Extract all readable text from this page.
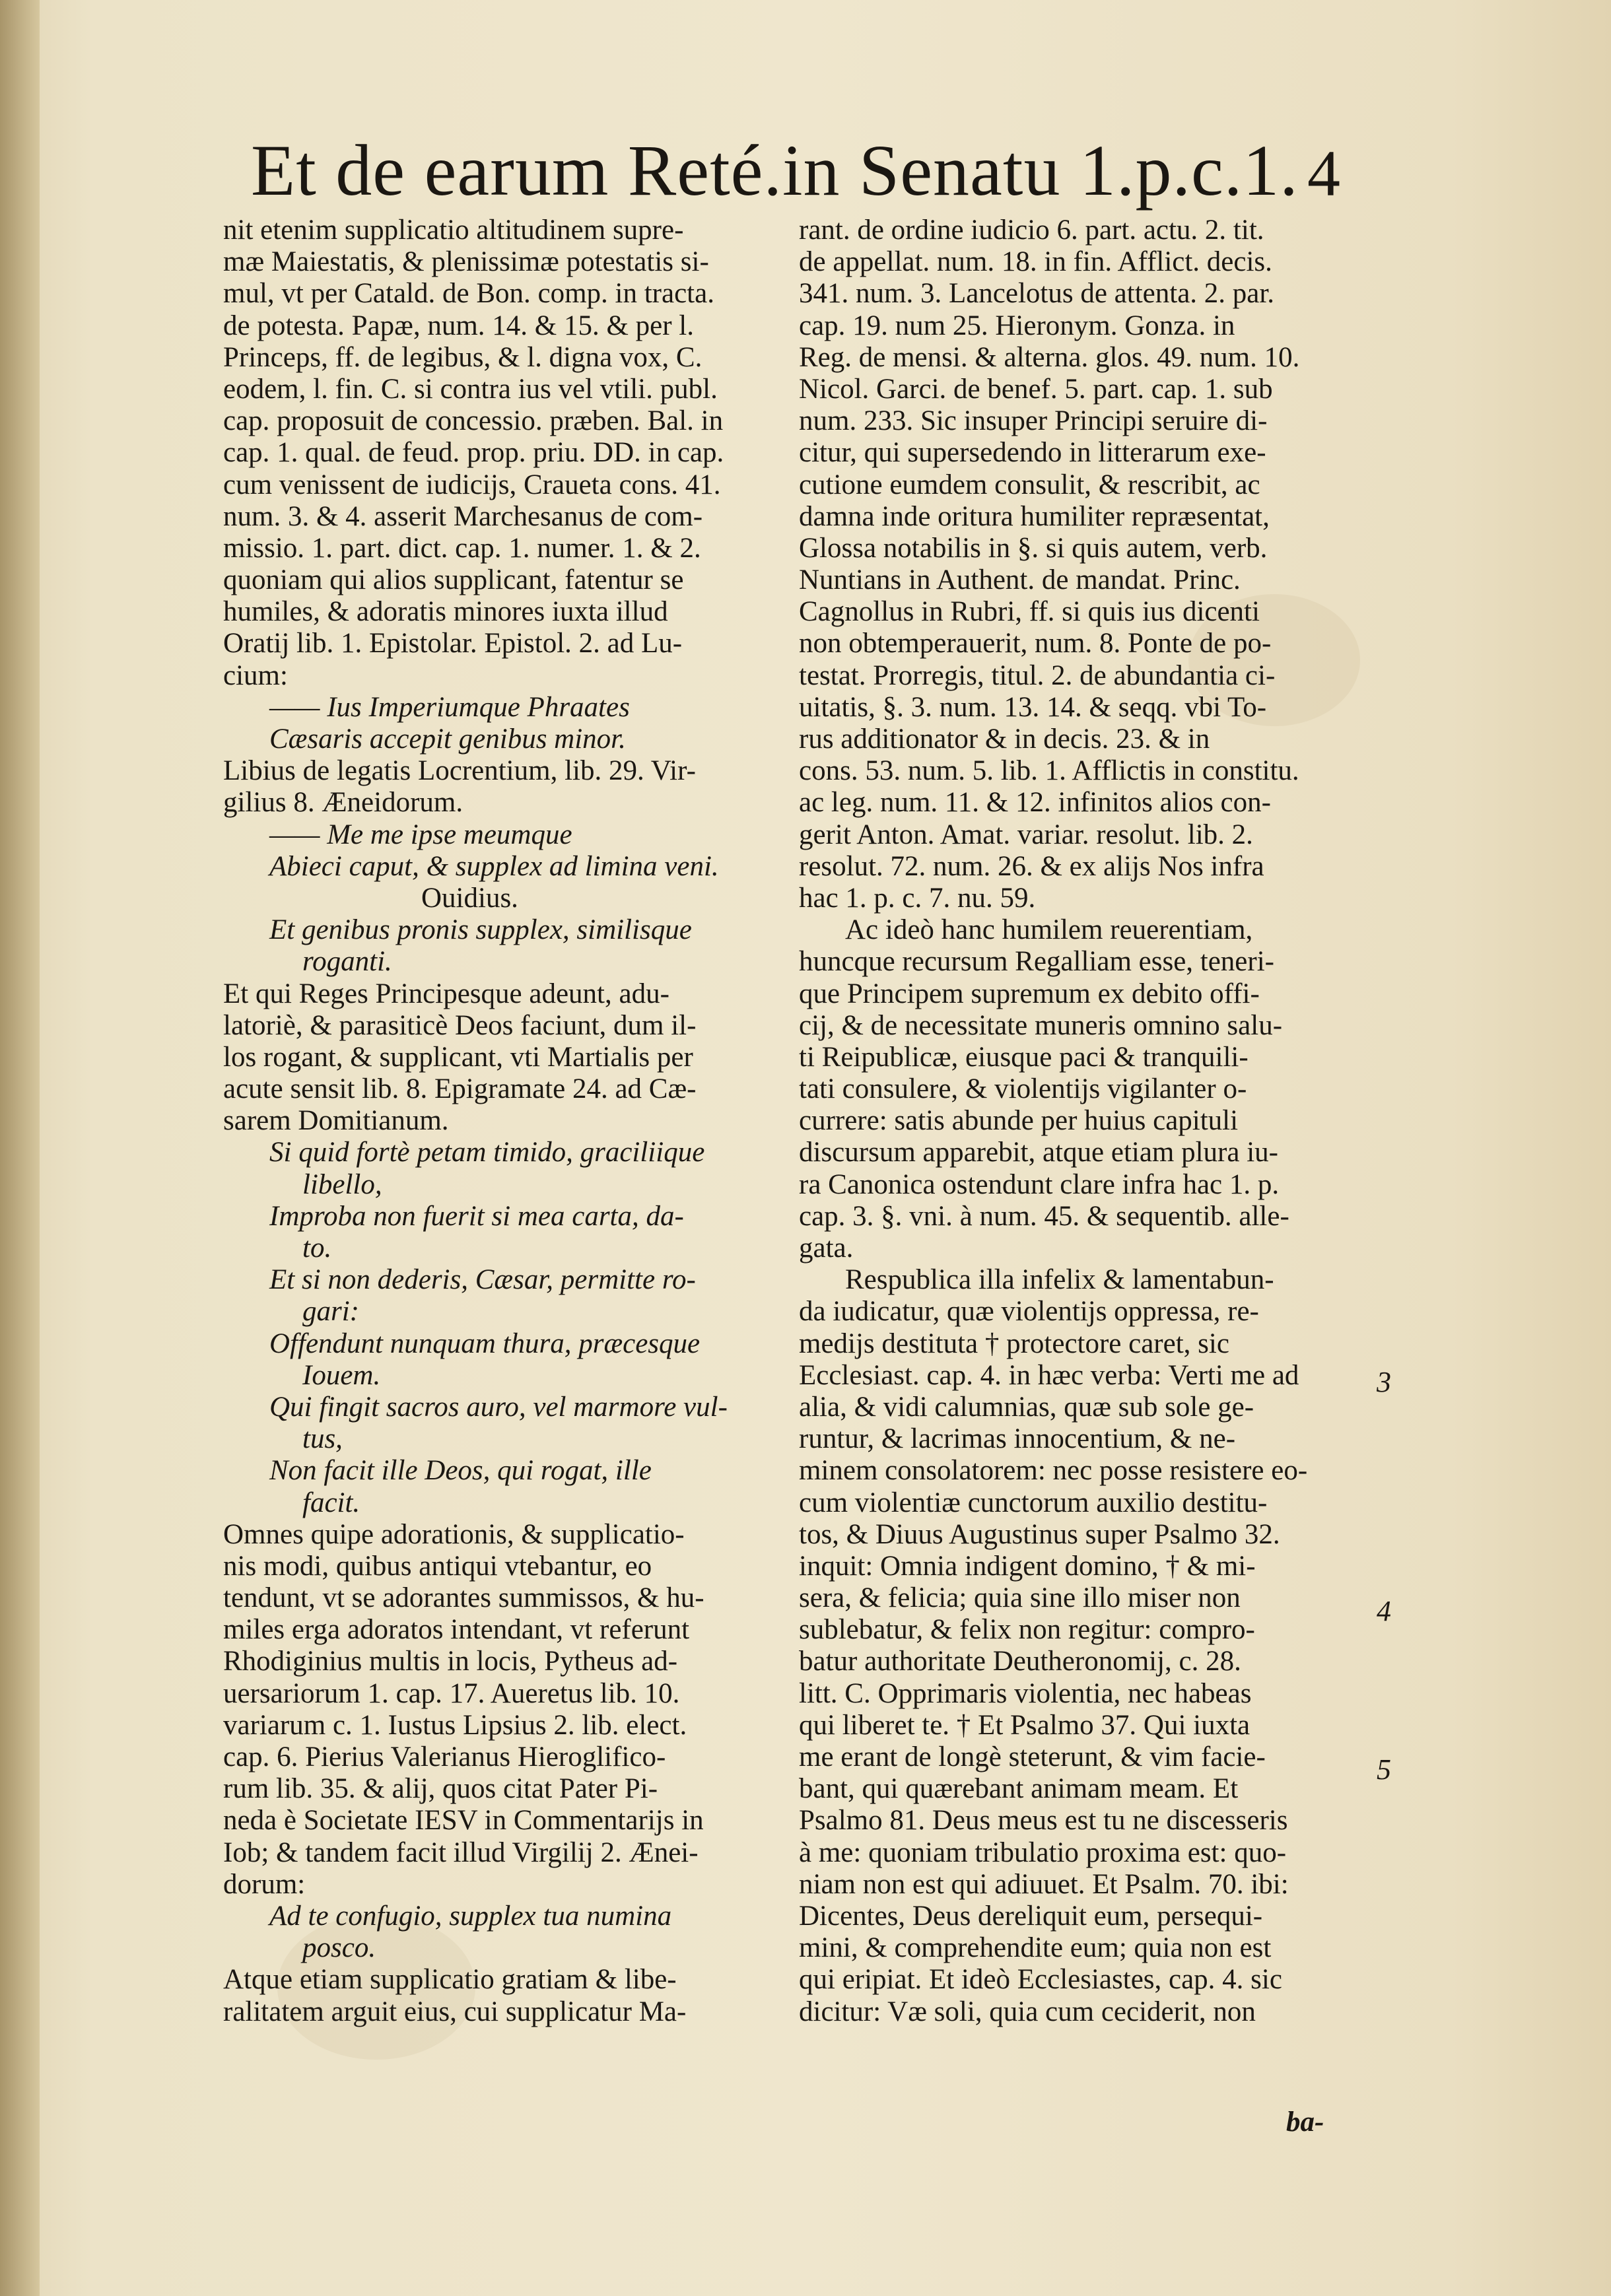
Et de earum Reté.in Senatu 1.p.c.1. 4
nit etenim supplicatio altitudinem supre-
mæ Maiestatis, & plenissimæ potestatis si-
mul, vt per Catald. de Bon. comp. in tracta.
de potesta. Papæ, num. 14. & 15. & per l.
Princeps, ff. de legibus, & l. digna vox, C.
eodem, l. fin. C. si contra ius vel vtili. publ.
cap. proposuit de concessio. præben. Bal. in
cap. 1. qual. de feud. prop. priu. DD. in cap.
cum venissent de iudicijs, Craueta cons. 41.
num. 3. & 4. asserit Marchesanus de com-
missio. 1. part. dict. cap. 1. numer. 1. & 2.
quoniam qui alios supplicant, fatentur se
humiles, & adoratis minores iuxta illud
Oratij lib. 1. Epistolar. Epistol. 2. ad Lu-
cium:
—— Ius Imperiumque Phraates
Cæsaris accepit genibus minor.
Libius de legatis Locrentium, lib. 29. Vir-
gilius 8. Æneidorum.
—— Me me ipse meumque
Abieci caput, & supplex ad limina veni.
Ouidius.
Et genibus pronis supplex, similisque
roganti.
Et qui Reges Principesque adeunt, adu-
latoriè, & parasiticè Deos faciunt, dum il-
los rogant, & supplicant, vti Martialis per
acute sensit lib. 8. Epigramate 24. ad Cæ-
sarem Domitianum.
Si quid fortè petam timido, graciliique
libello,
Improba non fuerit si mea carta, da-
to.
Et si non dederis, Cæsar, permitte ro-
gari:
Offendunt nunquam thura, præcesque
Iouem.
Qui fingit sacros auro, vel marmore vul-
tus,
Non facit ille Deos, qui rogat, ille
facit.
Omnes quipe adorationis, & supplicatio-
nis modi, quibus antiqui vtebantur, eo
tendunt, vt se adorantes summissos, & hu-
miles erga adoratos intendant, vt referunt
Rhodiginius multis in locis, Pytheus ad-
uersariorum 1. cap. 17. Aueretus lib. 10.
variarum c. 1. Iustus Lipsius 2. lib. elect.
cap. 6. Pierius Valerianus Hieroglifico-
rum lib. 35. & alij, quos citat Pater Pi-
neda è Societate IESV in Commentarijs in
Iob; & tandem facit illud Virgilij 2. Ænei-
dorum:
Ad te confugio, supplex tua numina
posco.
Atque etiam supplicatio gratiam & libe-
ralitatem arguit eius, cui supplicatur Ma-
rant. de ordine iudicio 6. part. actu. 2. tit.
de appellat. num. 18. in fin. Afflict. decis.
341. num. 3. Lancelotus de attenta. 2. par.
cap. 19. num 25. Hieronym. Gonza. in
Reg. de mensi. & alterna. glos. 49. num. 10.
Nicol. Garci. de benef. 5. part. cap. 1. sub
num. 233. Sic insuper Principi seruire di-
citur, qui supersedendo in litterarum exe-
cutione eumdem consulit, & rescribit, ac
damna inde oritura humiliter repræsentat,
Glossa notabilis in §. si quis autem, verb.
Nuntians in Authent. de mandat. Princ.
Cagnollus in Rubri, ff. si quis ius dicenti
non obtemperauerit, num. 8. Ponte de po-
testat. Prorregis, titul. 2. de abundantia ci-
uitatis, §. 3. num. 13. 14. & seqq. vbi To-
rus additionator & in decis. 23. & in
cons. 53. num. 5. lib. 1. Afflictis in constitu.
ac leg. num. 11. & 12. infinitos alios con-
gerit Anton. Amat. variar. resolut. lib. 2.
resolut. 72. num. 26. & ex alijs Nos infra
hac 1. p. c. 7. nu. 59.
Ac ideò hanc humilem reuerentiam,
huncque recursum Regalliam esse, teneri-
que Principem supremum ex debito offi-
cij, & de necessitate muneris omnino salu-
ti Reipublicæ, eiusque paci & tranquili-
tati consulere, & violentijs vigilanter o-
currere: satis abunde per huius capituli
discursum apparebit, atque etiam plura iu-
ra Canonica ostendunt clare infra hac 1. p.
cap. 3. §. vni. à num. 45. & sequentib. alle-
gata.
Respublica illa infelix & lamentabun-
da iudicatur, quæ violentijs oppressa, re-
medijs destituta † protectore caret, sic
Ecclesiast. cap. 4. in hæc verba: Verti me ad
alia, & vidi calumnias, quæ sub sole ge-
runtur, & lacrimas innocentium, & ne-
minem consolatorem: nec posse resistere eo-
cum violentiæ cunctorum auxilio destitu-
tos, & Diuus Augustinus super Psalmo 32.
inquit: Omnia indigent domino, † & mi-
sera, & felicia; quia sine illo miser non
sublebatur, & felix non regitur: compro-
batur authoritate Deutheronomij, c. 28.
litt. C. Opprimaris violentia, nec habeas
qui liberet te. † Et Psalmo 37. Qui iuxta
me erant de longè steterunt, & vim facie-
bant, qui quærebant animam meam. Et
Psalmo 81. Deus meus est tu ne discesseris
à me: quoniam tribulatio proxima est: quo-
niam non est qui adiuuet. Et Psalm. 70. ibi:
Dicentes, Deus dereliquit eum, persequi-
mini, & comprehendite eum; quia non est
qui eripiat. Et ideò Ecclesiastes, cap. 4. sic
dicitur: Væ soli, quia cum ceciderit, non
3
4
5
ba-
